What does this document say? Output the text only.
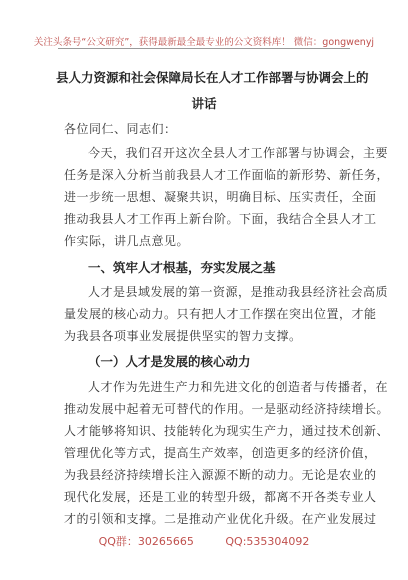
关注头条号“公文研究”，获得最新最全最专业的公文资料库！ 微信：gongwenyj
县人力资源和社会保障局长在人才工作部署与协调会上的
讲话
各位同仁、同志们：
今天，我们召开这次全县人才工作部署与协调会，主要
任务是深入分析当前我县人才工作面临的新形势、新任务，
进一步统一思想、凝聚共识，明确目标、压实责任，全面
推动我县人才工作再上新台阶。下面，我结合全县人才工
作实际，讲几点意见。
一、筑牢人才根基，夯实发展之基
人才是县域发展的第一资源，是推动我县经济社会高质
量发展的核心动力。只有把人才工作摆在突出位置，才能
为我县各项事业发展提供坚实的智力支撑。
（一）人才是发展的核心动力
人才作为先进生产力和先进文化的创造者与传播者，在
推动发展中起着无可替代的作用。一是驱动经济持续增长。
人才能够将知识、技能转化为现实生产力，通过技术创新、
管理优化等方式，提高生产效率，创造更多的经济价值，
为我县经济持续增长注入源源不断的动力。无论是农业的
现代化发展，还是工业的转型升级，都离不开各类专业人
才的引领和支撑。二是推动产业优化升级。在产业发展过
QQ群：30265665	QQ:535304092
